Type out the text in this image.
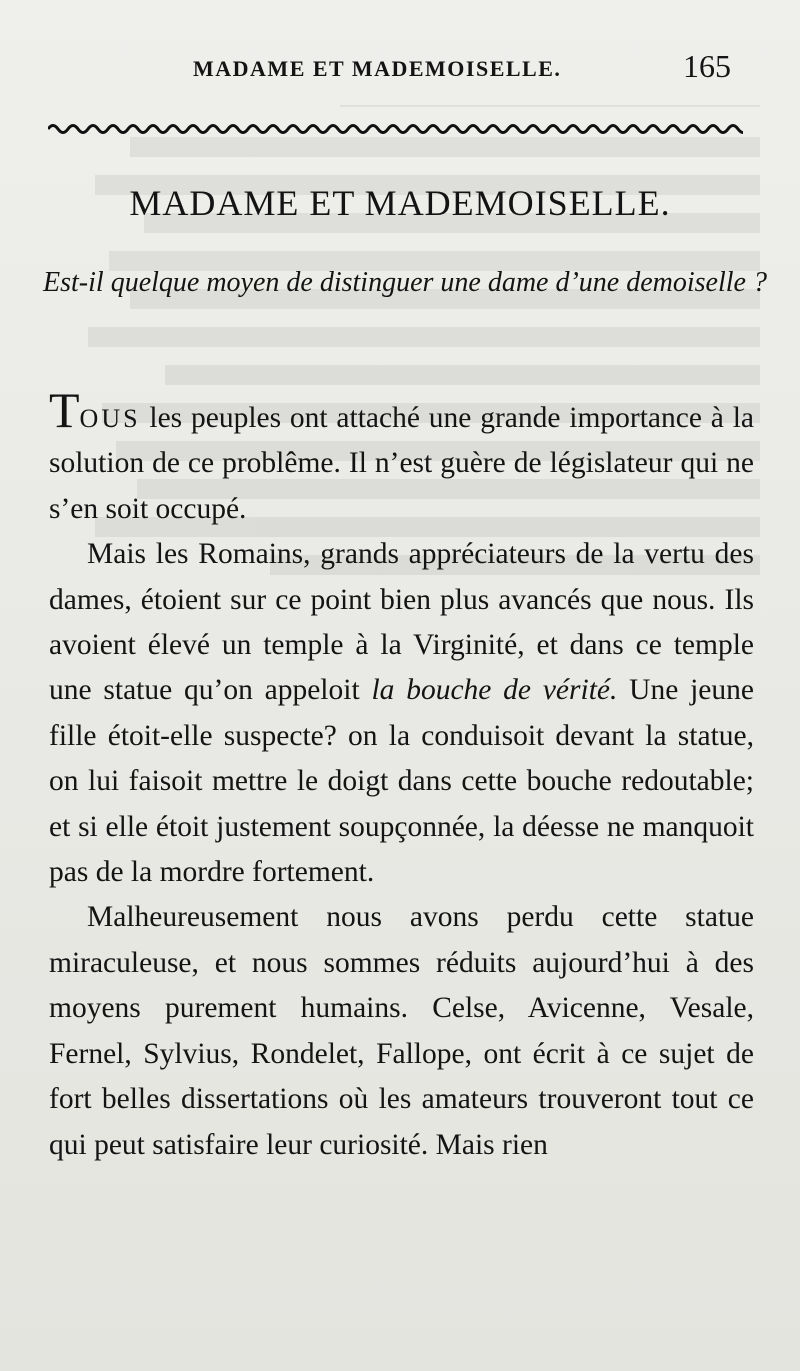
MADAME ET MADEMOISELLE.	165
MADAME ET MADEMOISELLE.
Est-il quelque moyen de distinguer une dame d’une demoiselle ?

TOUS les peuples ont attaché une grande importance à la solution de ce problême. Il n’est guère de législateur qui ne s’en soit occupé.

Mais les Romains, grands appréciateurs de la vertu des dames, étoient sur ce point bien plus avancés que nous. Ils avoient élevé un temple à la Virginité, et dans ce temple une statue qu’on appeloit la bouche de vérité. Une jeune fille étoit-elle suspecte? on la conduisoit devant la statue, on lui faisoit mettre le doigt dans cette bouche redoutable; et si elle étoit justement soupçonnée, la déesse ne manquoit pas de la mordre fortement.

Malheureusement nous avons perdu cette statue miraculeuse, et nous sommes réduits aujourd’hui à des moyens purement humains. Celse, Avicenne, Vesale, Fernel, Sylvius, Rondelet, Fallope, ont écrit à ce sujet de fort belles dissertations où les amateurs trouveront tout ce qui peut satisfaire leur curiosité. Mais rien
